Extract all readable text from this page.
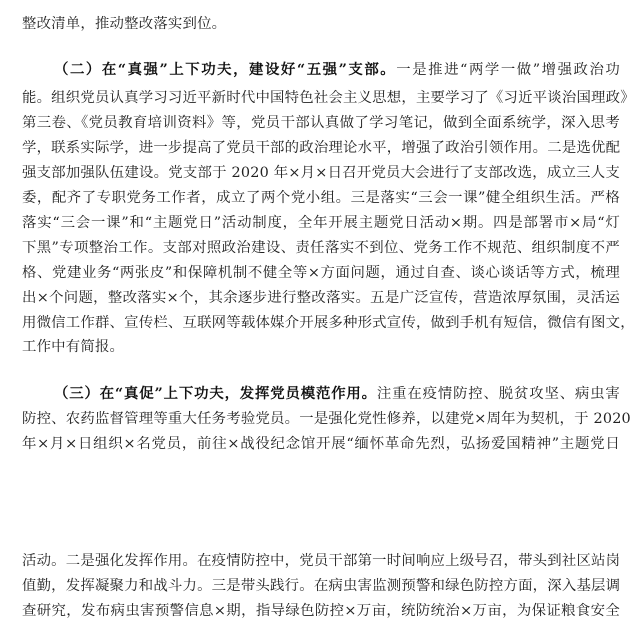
整改清单，推动整改落实到位。
（二）在“真强”上下功夫，建设好“五强”支部。一是推进“两学一做”增强政治功
能。组织党员认真学习习近平新时代中国特色社会主义思想，主要学习了《习近平谈治国理政》
第三卷、《党员教育培训资料》等，党员干部认真做了学习笔记，做到全面系统学，深入思考
学，联系实际学，进一步提高了党员干部的政治理论水平，增强了政治引领作用。二是选优配
强支部加强队伍建设。党支部于 2020 年×月×日召开党员大会进行了支部改选，成立三人支
委，配齐了专职党务工作者，成立了两个党小组。三是落实“三会一课”健全组织生活。严格
落实“三会一课”和“主题党日”活动制度，全年开展主题党日活动×期。四是部署市×局“灯
下黑”专项整治工作。支部对照政治建设、责任落实不到位、党务工作不规范、组织制度不严
格、党建业务“两张皮”和保障机制不健全等×方面问题，通过自查、谈心谈话等方式，梳理
出×个问题，整改落实×个，其余逐步进行整改落实。五是广泛宣传，营造浓厚氛围，灵活运
用微信工作群、宣传栏、互联网等载体媒介开展多种形式宣传，做到手机有短信，微信有图文，
工作中有简报。
（三）在“真促”上下功夫，发挥党员模范作用。注重在疫情防控、脱贫攻坚、病虫害
防控、农药监督管理等重大任务考验党员。一是强化党性修养，以建党×周年为契机，于 2020
年×月×日组织×名党员，前往×战役纪念馆开展“缅怀革命先烈，弘扬爱国精神”主题党日
活动。二是强化发挥作用。在疫情防控中，党员干部第一时间响应上级号召，带头到社区站岗
值勤，发挥凝聚力和战斗力。三是带头践行。在病虫害监测预警和绿色防控方面，深入基层调
查研究，发布病虫害预警信息×期，指导绿色防控×万亩，统防统治×万亩，为保证粮食安全
